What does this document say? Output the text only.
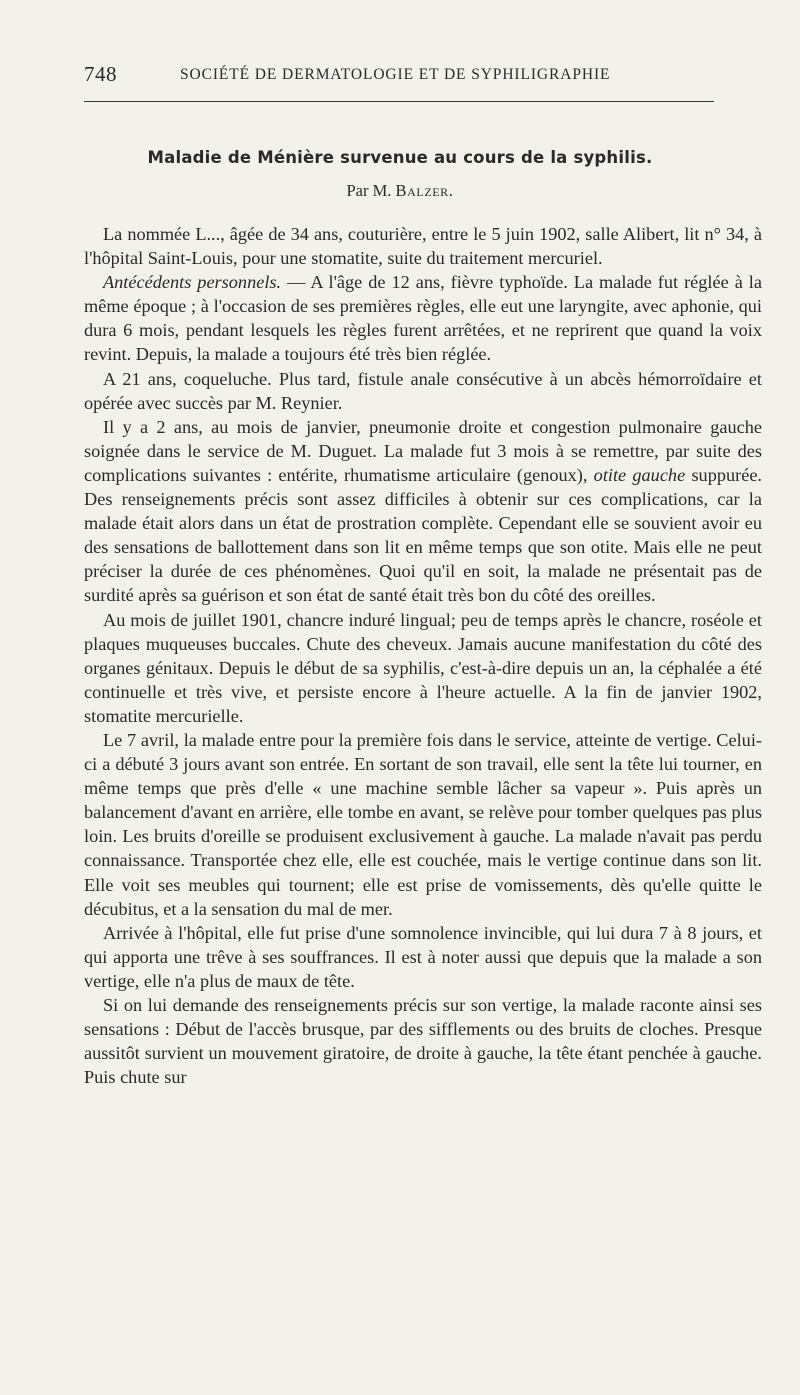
748	SOCIÉTÉ DE DERMATOLOGIE ET DE SYPHILIGRAPHIE
Maladie de Ménière survenue au cours de la syphilis.
Par M. Balzer.

La nommée L..., âgée de 34 ans, couturière, entre le 5 juin 1902, salle Alibert, lit n° 34, à l'hôpital Saint-Louis, pour une stomatite, suite du traitement mercuriel.

Antécédents personnels. — A l'âge de 12 ans, fièvre typhoïde. La malade fut réglée à la même époque ; à l'occasion de ses premières règles, elle eut une laryngite, avec aphonie, qui dura 6 mois, pendant lesquels les règles furent arrêtées, et ne reprirent que quand la voix revint. Depuis, la malade a toujours été très bien réglée.

A 21 ans, coqueluche. Plus tard, fistule anale consécutive à un abcès hémorroïdaire et opérée avec succès par M. Reynier.

Il y a 2 ans, au mois de janvier, pneumonie droite et congestion pulmonaire gauche soignée dans le service de M. Duguet. La malade fut 3 mois à se remettre, par suite des complications suivantes : entérite, rhumatisme articulaire (genoux), otite gauche suppurée. Des renseignements précis sont assez difficiles à obtenir sur ces complications, car la malade était alors dans un état de prostration complète. Cependant elle se souvient avoir eu des sensations de ballottement dans son lit en même temps que son otite. Mais elle ne peut préciser la durée de ces phénomènes. Quoi qu'il en soit, la malade ne présentait pas de surdité après sa guérison et son état de santé était très bon du côté des oreilles.

Au mois de juillet 1901, chancre induré lingual; peu de temps après le chancre, roséole et plaques muqueuses buccales. Chute des cheveux. Jamais aucune manifestation du côté des organes génitaux. Depuis le début de sa syphilis, c'est-à-dire depuis un an, la céphalée a été continuelle et très vive, et persiste encore à l'heure actuelle. A la fin de janvier 1902, stomatite mercurielle.

Le 7 avril, la malade entre pour la première fois dans le service, atteinte de vertige. Celui-ci a débuté 3 jours avant son entrée. En sortant de son travail, elle sent la tête lui tourner, en même temps que près d'elle « une machine semble lâcher sa vapeur ». Puis après un balancement d'avant en arrière, elle tombe en avant, se relève pour tomber quelques pas plus loin. Les bruits d'oreille se produisent exclusivement à gauche. La malade n'avait pas perdu connaissance. Transportée chez elle, elle est couchée, mais le vertige continue dans son lit. Elle voit ses meubles qui tournent; elle est prise de vomissements, dès qu'elle quitte le décubitus, et a la sensation du mal de mer.

Arrivée à l'hôpital, elle fut prise d'une somnolence invincible, qui lui dura 7 à 8 jours, et qui apporta une trêve à ses souffrances. Il est à noter aussi que depuis que la malade a son vertige, elle n'a plus de maux de tête.

Si on lui demande des renseignements précis sur son vertige, la malade raconte ainsi ses sensations : Début de l'accès brusque, par des sifflements ou des bruits de cloches. Presque aussitôt survient un mouvement giratoire, de droite à gauche, la tête étant penchée à gauche. Puis chute sur
